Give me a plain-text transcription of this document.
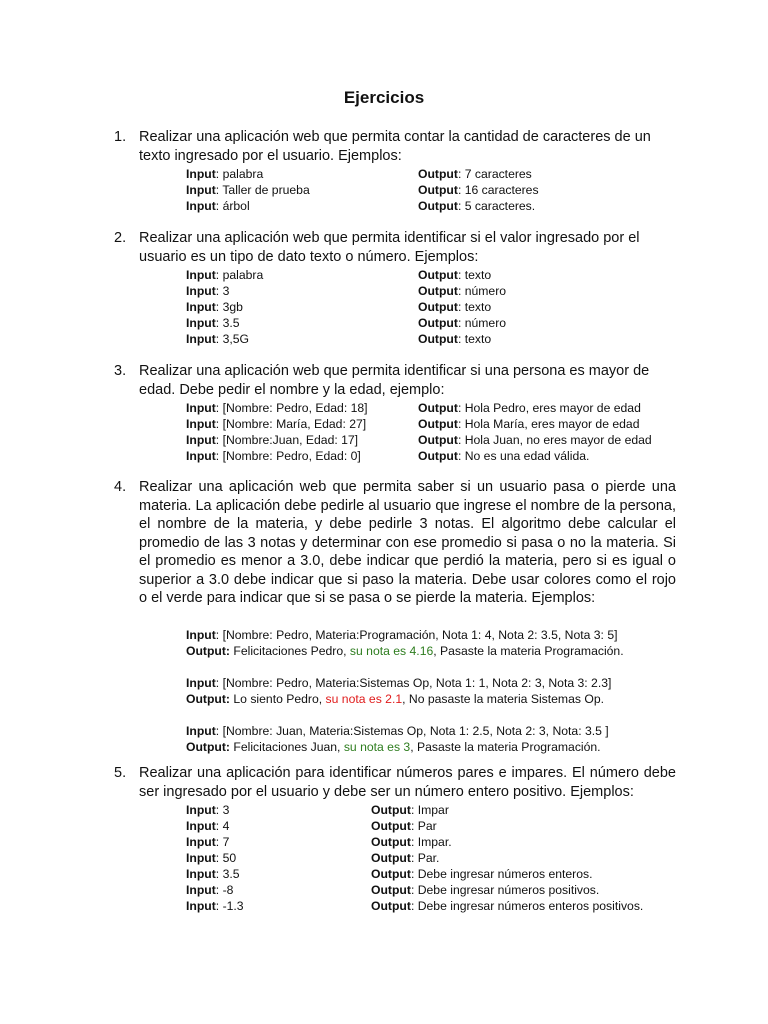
Ejercicios
1. Realizar una aplicación web que permita contar la cantidad de caracteres de un texto ingresado por el usuario. Ejemplos:
Input: palabra	Output: 7 caracteres
Input: Taller de prueba	Output: 16 caracteres
Input: árbol	Output: 5 caracteres.
2. Realizar una aplicación web que permita identificar si el valor ingresado por el usuario es un tipo de dato texto o número. Ejemplos:
Input: palabra	Output: texto
Input: 3	Output: número
Input: 3gb	Output: texto
Input: 3.5	Output: número
Input: 3,5G	Output: texto
3. Realizar una aplicación web que permita identificar si una persona es mayor de edad. Debe pedir el nombre y la edad, ejemplo:
Input: [Nombre: Pedro, Edad: 18]	Output: Hola Pedro, eres mayor de edad
Input: [Nombre: María, Edad: 27]	Output: Hola María, eres mayor de edad
Input: [Nombre:Juan, Edad: 17]	Output: Hola Juan, no eres mayor de edad
Input: [Nombre: Pedro, Edad: 0]	Output: No es una edad válida.
4. Realizar una aplicación web que permita saber si un usuario pasa o pierde una materia. La aplicación debe pedirle al usuario que ingrese el nombre de la persona, el nombre de la materia, y debe pedirle 3 notas. El algoritmo debe calcular el promedio de las 3 notas y determinar con ese promedio si pasa o no la materia. Si el promedio es menor a 3.0, debe indicar que perdió la materia, pero si es igual o superior a 3.0 debe indicar que si paso la materia. Debe usar colores como el rojo o el verde para indicar que si se pasa o se pierde la materia. Ejemplos:
Input: [Nombre: Pedro, Materia:Programación, Nota 1: 4, Nota 2: 3.5, Nota 3: 5]
Output: Felicitaciones Pedro, su nota es 4.16, Pasaste la materia Programación.
Input: [Nombre: Pedro, Materia:Sistemas Op, Nota 1: 1, Nota 2: 3, Nota 3: 2.3]
Output: Lo siento Pedro, su nota es 2.1, No pasaste la materia Sistemas Op.
Input: [Nombre: Juan, Materia:Sistemas Op, Nota 1: 2.5, Nota 2: 3, Nota: 3.5 ]
Output: Felicitaciones Juan, su nota es 3, Pasaste la materia Programación.
5. Realizar una aplicación para identificar números pares e impares. El número debe ser ingresado por el usuario y debe ser un número entero positivo. Ejemplos:
Input: 3	Output: Impar
Input: 4	Output: Par
Input: 7	Output: Impar.
Input: 50	Output: Par.
Input: 3.5	Output: Debe ingresar números enteros.
Input: -8	Output: Debe ingresar números positivos.
Input: -1.3	Output: Debe ingresar números enteros positivos.
